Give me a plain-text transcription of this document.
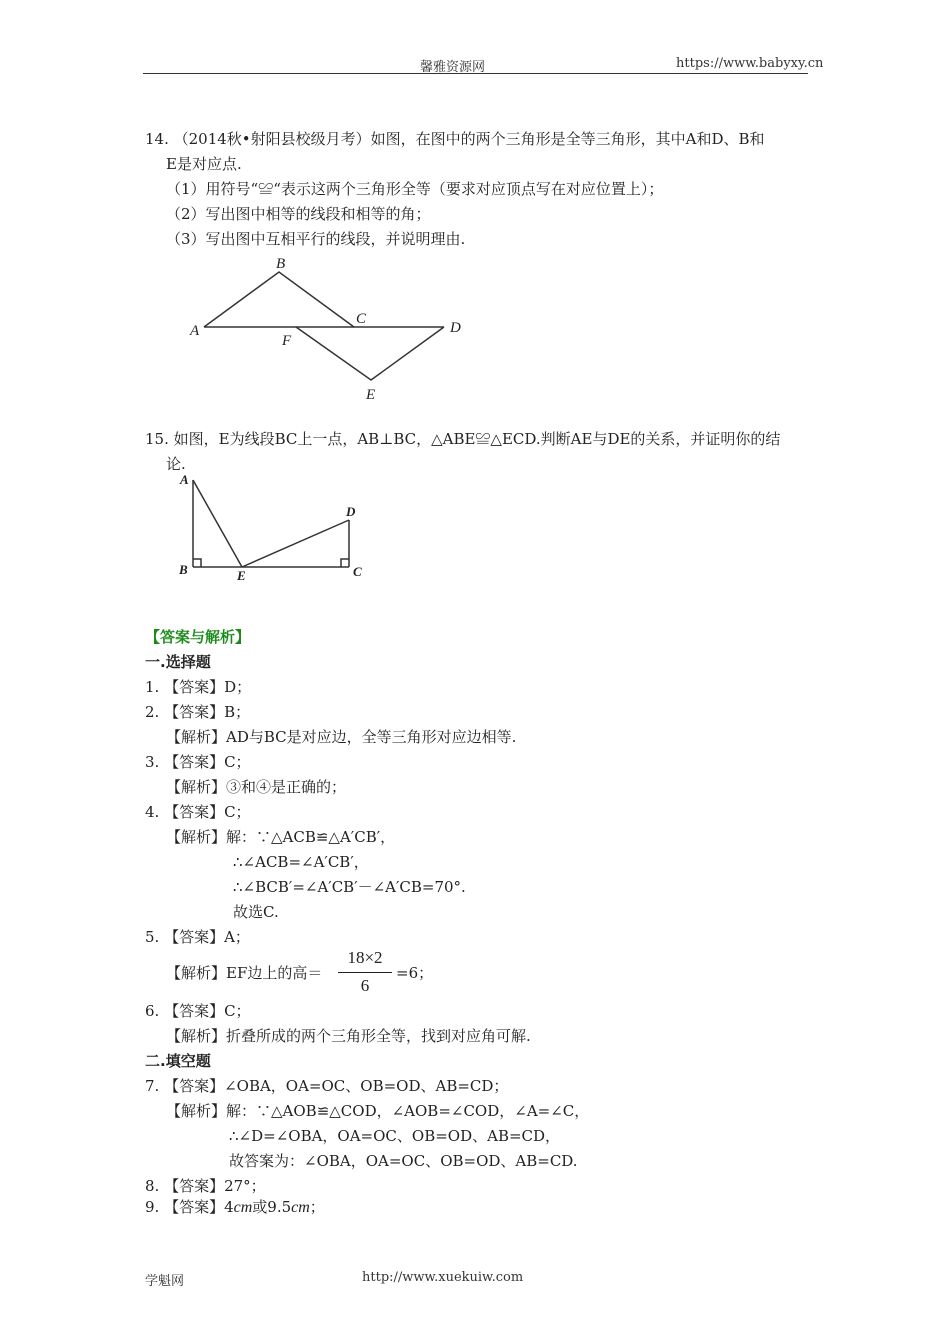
馨雅资源网	https://www.babyxy.cn
14. （2014秋•射阳县校级月考）如图，在图中的两个三角形是全等三角形，其中A和D、B和
E是对应点.
（1）用符号“≌“表示这两个三角形全等（要求对应顶点写在对应位置上）；
（2）写出图中相等的线段和相等的角；
（3）写出图中互相平行的线段，并说明理由.
A
B
C
D
E
F
15. 如图，E为线段BC上一点，AB⊥BC，△ABE≌△ECD.判断AE与DE的关系，并证明你的结
论.
A
B	C
D
E
【答案与解析】
一.选择题
1. 【答案】D；
2. 【答案】B；
【解析】AD与BC是对应边，全等三角形对应边相等.
3. 【答案】C；
【解析】③和④是正确的；
4. 【答案】C；
【解析】解：∵△ACB≌△A′CB′，
∴∠ACB=∠A′CB′，
∴∠BCB′=∠A′CB′－∠A′CB=70°.
故选C.
5. 【答案】A；
【解析】EF边上的高＝
18×2
6
=6；
6. 【答案】C；
【解析】折叠所成的两个三角形全等，找到对应角可解.
二.填空题
7. 【答案】∠OBA，OA=OC、OB=OD、AB=CD；
【解析】解：∵△AOB≌△COD，∠AOB=∠COD，∠A=∠C，
∴∠D=∠OBA，OA=OC、OB=OD、AB=CD，
故答案为：∠OBA，OA=OC、OB=OD、AB=CD.
8. 【答案】27°；
9. 【答案】4cm或9.5cm；
学魁网	http://www.xuekuiw.com
